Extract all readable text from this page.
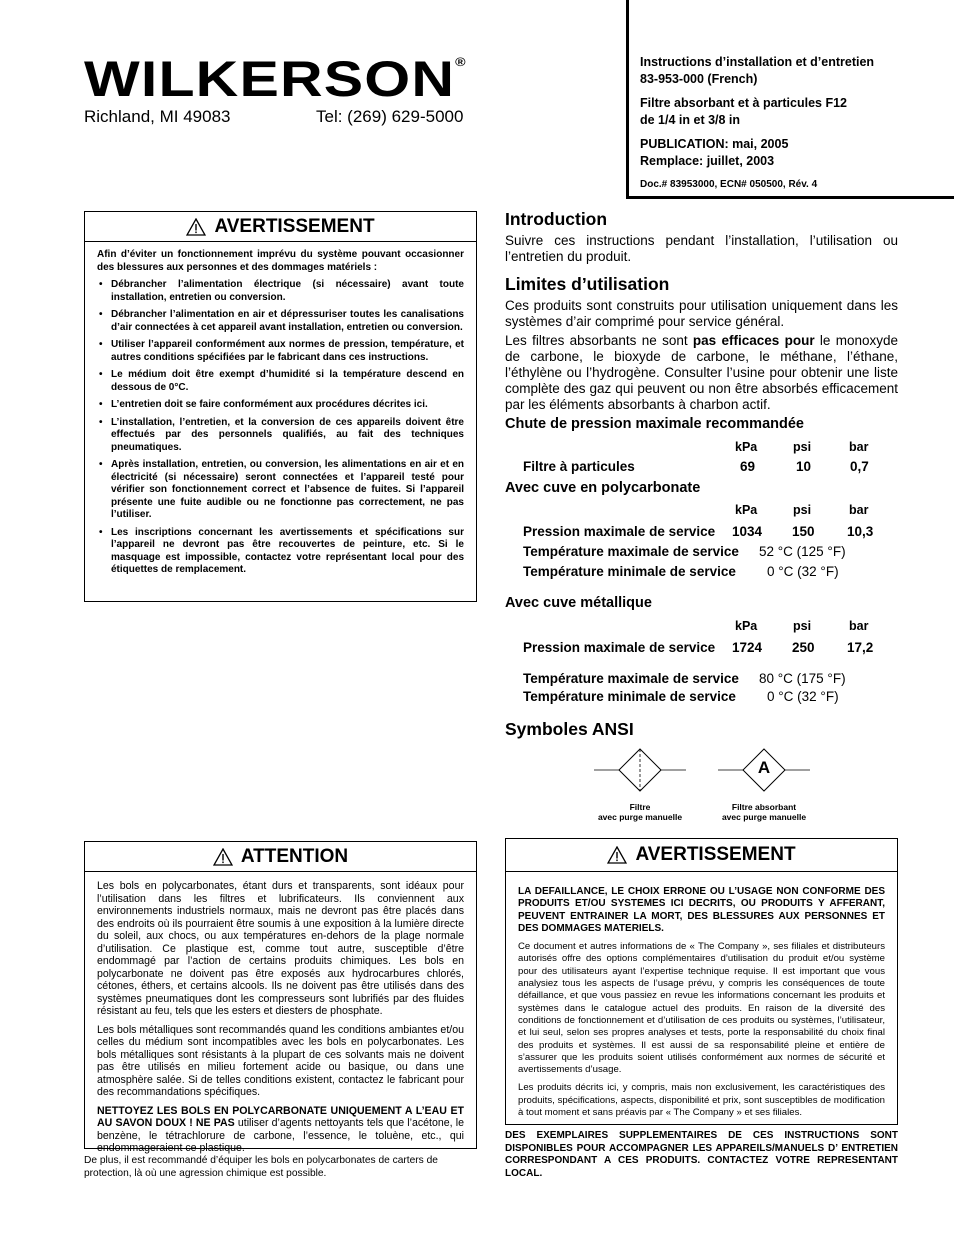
WILKERSON®
Richland, MI 49083	Tel: (269) 629-5000

Instructions d’installation et d’entretien
83-953-000 (French)

Filtre absorbant et à particules F12
de 1/4 in et 3/8 in

PUBLICATION: mai, 2005
Remplace: juillet, 2003

Doc.# 83953000, ECN# 050500, Rév. 4

AVERTISSEMENT

Afin d’éviter un fonctionnement imprévu du système pouvant occasionner des blessures aux personnes et des dommages matériels :

• Débrancher l’alimentation électrique (si nécessaire) avant toute installation, entretien ou conversion.
• Débrancher l’alimentation en air et dépressuriser toutes les canalisations d’air connectées à cet appareil avant installation, entretien ou conversion.
• Utiliser l’appareil conformément aux normes de pression, température, et autres conditions spécifiées par le fabricant dans ces instructions.
• Le médium doit être exempt d’humidité si la température descend en dessous de 0°C.
• L’entretien doit se faire conformément aux procédures décrites ici.
• L’installation, l’entretien, et la conversion de ces appareils doivent être effectués par des personnels qualifiés, au fait des techniques pneumatiques.
• Après installation, entretien, ou conversion, les alimentations en air et en électricité (si nécessaire) seront connectées et l’appareil testé pour vérifier son fonctionnement correct et l’absence de fuites. Si l’appareil présente une fuite audible ou ne fonctionne pas correctement, ne pas l’utiliser.
• Les inscriptions concernant les avertissements et spécifications sur l’appareil ne devront pas être recouvertes de peinture, etc. Si le masquage est impossible, contactez votre représentant local pour des étiquettes de remplacement.
Introduction

Suivre ces instructions pendant l’installation, l’utilisation ou l’entretien du produit.

Limites d’utilisation

Ces produits sont construits pour utilisation uniquement dans les systèmes d’air comprimé pour service général.

Les filtres absorbants ne sont pas efficaces pour le monoxyde de carbone, le bioxyde de carbone, le méthane, l’éthane, l’éthylène ou l’hydrogène. Consulter l’usine pour obtenir une liste complète des gaz qui peuvent ou non être absorbés efficacement par les éléments absorbants à charbon actif.

Chute de pression maximale recommandée
kPa	psi	bar
Filtre à particules	69	10	0,7
Avec cuve en polycarbonate
kPa	psi	bar
Pression maximale de service 1034 150 10,3
Température maximale de service 52 °C (125 °F)
Température minimale de service 0 °C (32 °F)
Avec cuve métallique
kPa	psi	bar
Pression maximale de service 1724 250 17,2
Température maximale de service 80 °C (175 °F)
Température minimale de service 0 °C (32 °F)
Symboles ANSI
Filtre
avec purge manuelle
A
Filtre absorbant
avec purge manuelle
ATTENTION

Les bols en polycarbonates, étant durs et transparents, sont idéaux pour l’utilisation dans les filtres et lubrificateurs. Ils conviennent aux environnements industriels normaux, mais ne devront pas être placés dans des endroits où ils pourraient être soumis à une exposition à la lumière directe du soleil, aux chocs, ou aux températures en-dehors de la plage normale d’utilisation. Ce plastique est, comme tout autre, susceptible d’être endommagé par l’action de certains produits chimiques. Les bols en polycarbonate ne doivent pas être exposés aux hydrocarbures chlorés, cétones, éthers, et certains alcools. Ils ne doivent pas être utilisés dans des systèmes pneumatiques dont les compresseurs sont lubrifiés par des fluides résistant au feu, tels que les esters et diesters de phosphate.

Les bols métalliques sont recommandés quand les conditions ambiantes et/ou celles du médium sont incompatibles avec les bols en polycarbonates. Les bols métalliques sont résistants à la plupart de ces solvants mais ne doivent pas être utilisés en milieu fortement acide ou basique, ou dans une atmosphère salée. Si de telles conditions existent, contactez le fabricant pour des recommandations spécifiques.

NETTOYEZ LES BOLS EN POLYCARBONATE UNIQUEMENT A L’EAU ET AU SAVON DOUX ! NE PAS utiliser d’agents nettoyants tels que l’acétone, le benzène, le tétrachlorure de carbone, l’essence, le toluène, etc., qui endommageraient ce plastique.

De plus, il est recommandé d’équiper les bols en polycarbonates de carters de protection, là où une agression chimique est possible.
AVERTISSEMENT

LA DEFAILLANCE, LE CHOIX ERRONE OU L’USAGE NON CONFORME DES PRODUITS ET/OU SYSTEMES ICI DECRITS, OU PRODUITS Y AFFERANT, PEUVENT ENTRAINER LA MORT, DES BLESSURES AUX PERSONNES ET DES DOMMAGES MATERIELS.

Ce document et autres informations de « The Company », ses filiales et distributeurs autorisés offre des options complémentaires d’utilisation du produit et/ou système pour des utilisateurs ayant l’expertise technique requise. Il est important que vous analysiez tous les aspects de l’usage prévu, y compris les conséquences de toute défaillance, et que vous passiez en revue les informations concernant les produits et systèmes dans le catalogue actuel des produits. En raison de la diversité des conditions de fonctionnement et d’utilisation de ces produits ou systèmes, l’utilisateur, et lui seul, selon ses propres analyses et tests, porte la responsabilité du choix final des produits et systèmes. Il est aussi de sa responsabilité pleine et entière de s’assurer que les produits soient utilisés conformément aux normes de sécurité et avertissements d’usage.

Les produits décrits ici, y compris, mais non exclusivement, les caractéristiques des produits, spécifications, aspects, disponibilité et prix, sont susceptibles de modification à tout moment et sans préavis par « The Company » et ses filiales.

DES EXEMPLAIRES SUPPLEMENTAIRES DE CES INSTRUCTIONS SONT DISPONIBLES POUR ACCOMPAGNER LES APPAREILS/MANUELS D’ ENTRETIEN CORRESPONDANT A CES PRODUITS. CONTACTEZ VOTRE REPRESENTANT LOCAL.
